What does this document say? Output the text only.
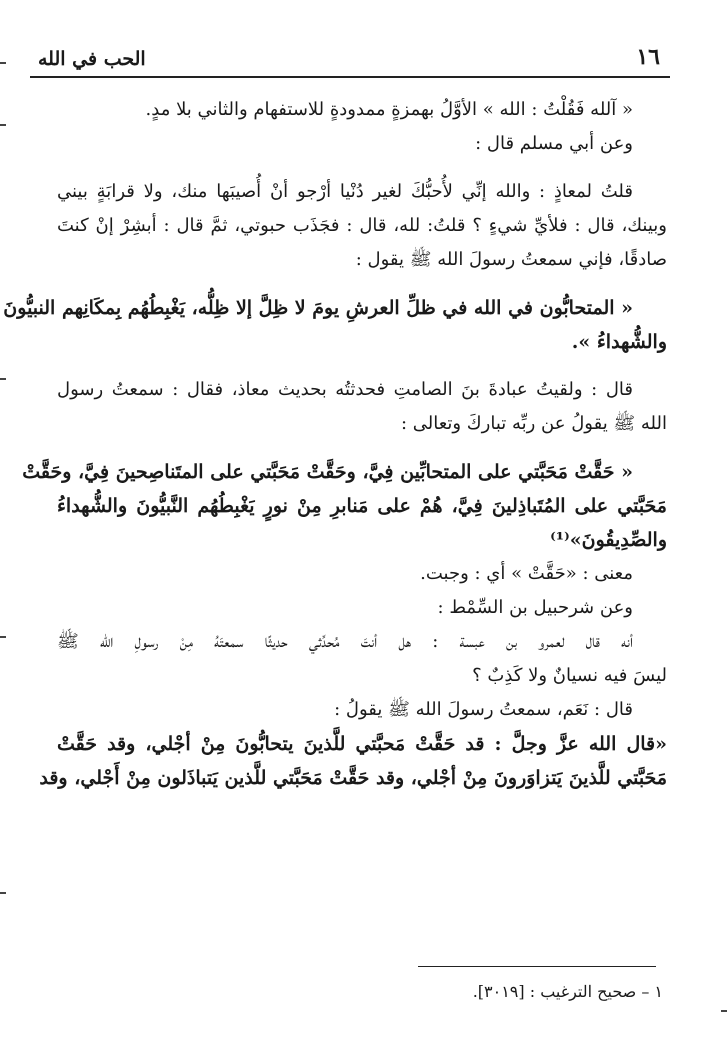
١٦
الحب في الله
« آلله فَقُلْتُ : الله » الأوَّلُ بهمزةٍ ممدودةٍ للاستفهام والثاني بلا مدٍ.
وعن أبي مسلم قال :
قلتُ لمعاذٍ : والله إنِّي لأُحبُّكَ لغير دُنْيا أرْجو أنْ أُصيبَها منك، ولا قرابَةٍ بيني
وبينك، قال : فلأيِّ شيءٍ ؟ قلتُ: لله، قال : فجَذَب حبوتي، ثمَّ قال : أبشِرْ إنْ كنتَ
صادقًا، فإني سمعتُ رسولَ الله ﷺ يقول :
« المتحابُّون في الله في ظلِّ العرشِ يومَ لا ظِلَّ إلا ظِلُّه، يَغْبِطُهُم بِمكَانِهم النبيُّونَ
والشُّهداءُ ».
قال : ولقيتُ عبادةَ بنَ الصامتِ فحدثتُه بحديث معاذ، فقال : سمعتُ رسول
الله ﷺ يقولُ عن ربِّه تباركَ وتعالى :
« حَقَّتْ مَحَبَّتي على المتحابِّين فِيَّ، وحَقَّتْ مَحَبَّتي على المتَناصِحينَ فِيَّ، وحَقَّتْ
مَحَبَّتي على المُتَباذِلينَ فِيَّ، هُمْ على مَنابرِ مِنْ نورٍ يَغْبِطُهُم النَّبيُّونَ والشُّهداءُ
والصِّدِيقُونَ»⁽¹⁾
معنى : «حَقَّتْ » أي : وجبت.
وعن شرحبيل بن السِّمْط :
أنه قال لعمرو بن عبسة : هل أنتَ مُحدِّثي حديثًا سمعتَهُ مِنْ رسولِ الله ﷺ
ليسَ فيه نسيانٌ ولا كَذِبٌ ؟
قال : نَعَم، سمعتُ رسولَ الله ﷺ يقولُ :
«قال الله عزَّ وجلَّ : قد حَقَّتْ مَحبَّتي للَّذينَ يتحابُّونَ مِنْ أجْلي، وقد حَقَّتْ
مَحَبَّتي للَّذينَ يَتزاوَرونَ مِنْ أجْلي، وقد حَقَّتْ مَحَبَّتي للَّذين يَتباذَلون مِنْ أَجْلي، وقد
١ – صحيح الترغيب : [٣٠١٩].
